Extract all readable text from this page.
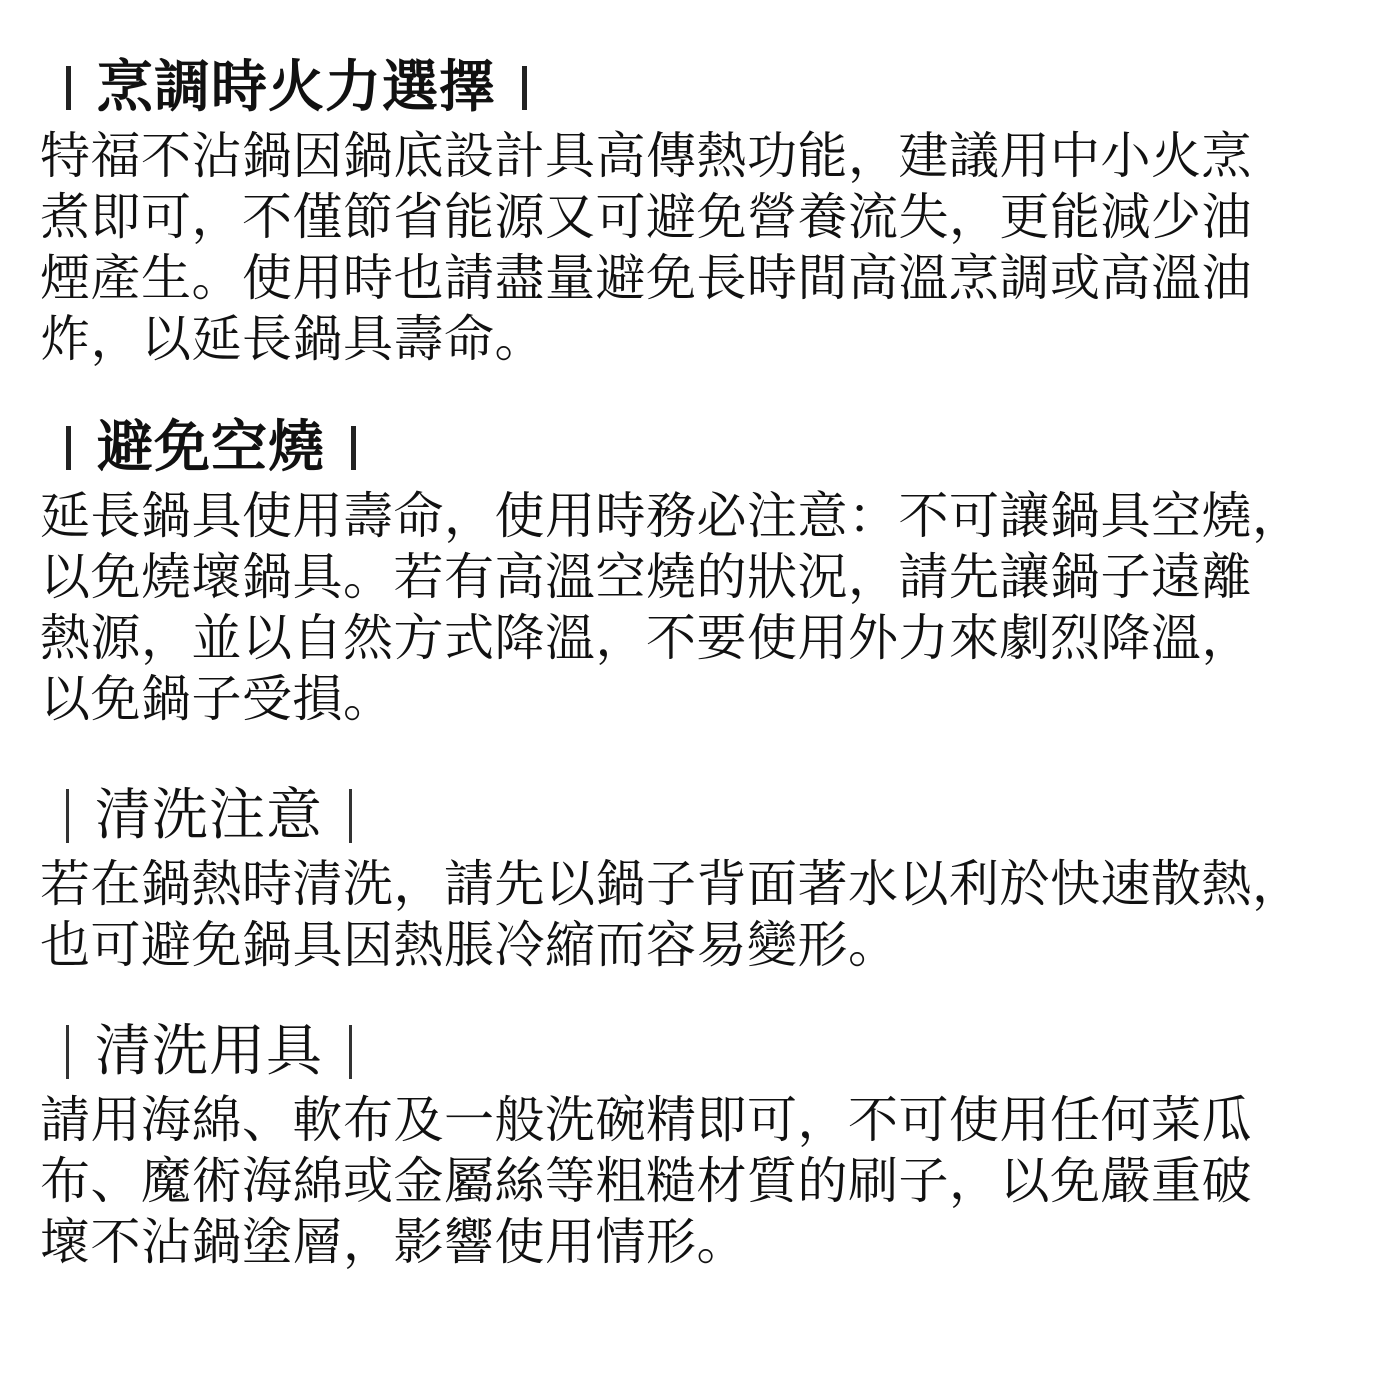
烹調時火力選擇

特福不沾鍋因鍋底設計具高傳熱功能，建議用中小火烹
煮即可，不僅節省能源又可避免營養流失，更能減少油
煙產生。使用時也請盡量避免長時間高溫烹調或高溫油
炸，以延長鍋具壽命。

避免空燒

延長鍋具使用壽命，使用時務必注意：不可讓鍋具空燒，
以免燒壞鍋具。若有高溫空燒的狀況，請先讓鍋子遠離
熱源，並以自然方式降溫，不要使用外力來劇烈降溫，
以免鍋子受損。

清洗注意

若在鍋熱時清洗，請先以鍋子背面著水以利於快速散熱，
也可避免鍋具因熱脹冷縮而容易變形。

清洗用具

請用海綿、軟布及一般洗碗精即可，不可使用任何菜瓜
布、魔術海綿或金屬絲等粗糙材質的刷子，以免嚴重破
壞不沾鍋塗層，影響使用情形。
